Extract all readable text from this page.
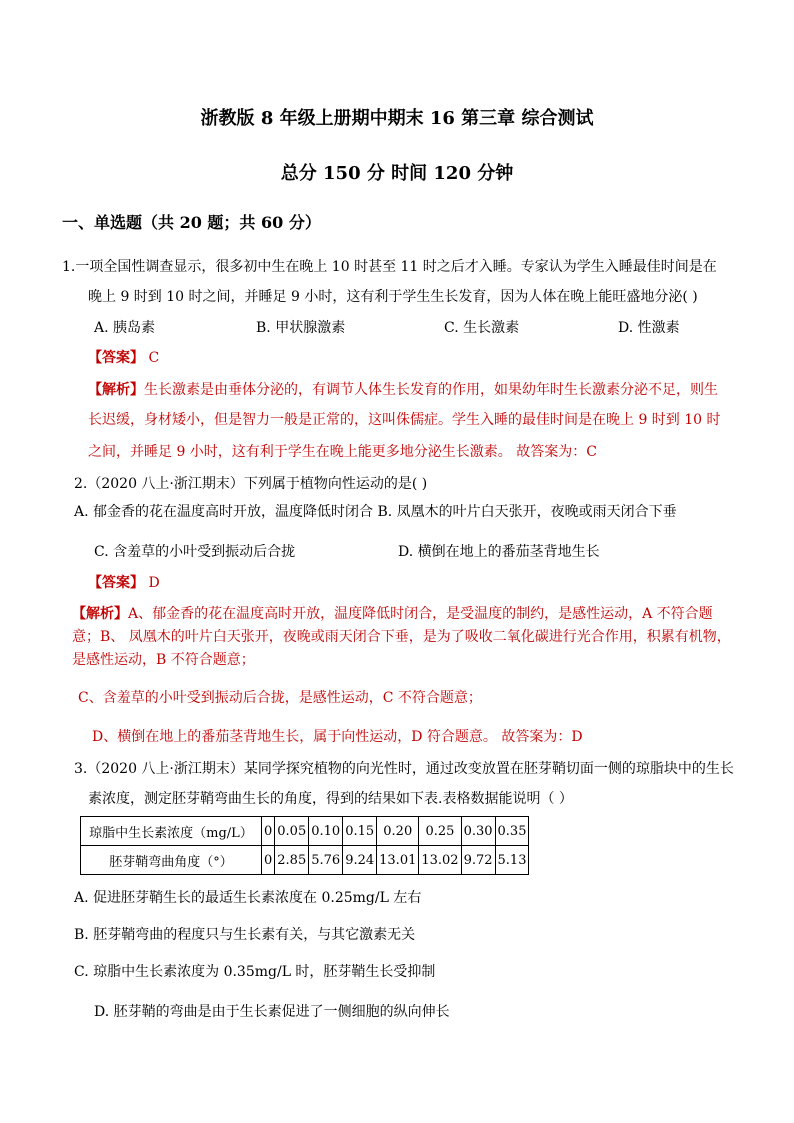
浙教版 8 年级上册期中期末 16 第三章 综合测试
总分 150 分 时间 120 分钟
一、单选题（共 20 题；共 60 分）
1.一项全国性调查显示，很多初中生在晚上 10 时甚至 11 时之后才入睡。专家认为学生入睡最佳时间是在
晚上 9 时到 10 时之间，并睡足 9 小时，这有利于学生生长发育，因为人体在晚上能旺盛地分泌( )
A. 胰岛素	B. 甲状腺激素	C. 生长激素	D. 性激素
【答案】 C
【解析】生长激素是由垂体分泌的，有调节人体生长发育的作用，如果幼年时生长激素分泌不足，则生
长迟缓，身材矮小，但是智力一般是正常的，这叫侏儒症。学生入睡的最佳时间是在晚上 9 时到 10 时
之间，并睡足 9 小时，这有利于学生在晚上能更多地分泌生长激素。 故答案为：C
2.（2020 八上·浙江期末）下列属于植物向性运动的是( )
A. 郁金香的花在温度高时开放，温度降低时闭合 B. 凤凰木的叶片白天张开，夜晚或雨天闭合下垂
C. 含羞草的小叶受到振动后合拢	D. 横倒在地上的番茄茎背地生长
【答案】 D
【解析】A、郁金香的花在温度高时开放，温度降低时闭合，是受温度的制约，是感性运动，A 不符合题
意；B、 凤凰木的叶片白天张开，夜晚或雨天闭合下垂，是为了吸收二氧化碳进行光合作用，积累有机物，
是感性运动，B 不符合题意；
C、含羞草的小叶受到振动后合拢，是感性运动，C 不符合题意；
D、横倒在地上的番茄茎背地生长，属于向性运动，D 符合题意。 故答案为：D
3.（2020 八上·浙江期末）某同学探究植物的向光性时，通过改变放置在胚芽鞘切面一侧的琼脂块中的生长
素浓度，测定胚芽鞘弯曲生长的角度，得到的结果如下表.表格数据能说明（ ）
琼脂中生长素浓度（mg/L）	0	0.05	0.10	0.15	0.20	0.25	0.30	0.35
胚芽鞘弯曲角度（°）	0	2.85	5.76	9.24	13.01	13.02	9.72	5.13
A. 促进胚芽鞘生长的最适生长素浓度在 0.25mg/L 左右
B. 胚芽鞘弯曲的程度只与生长素有关，与其它激素无关
C. 琼脂中生长素浓度为 0.35mg/L 时，胚芽鞘生长受抑制
D. 胚芽鞘的弯曲是由于生长素促进了一侧细胞的纵向伸长
